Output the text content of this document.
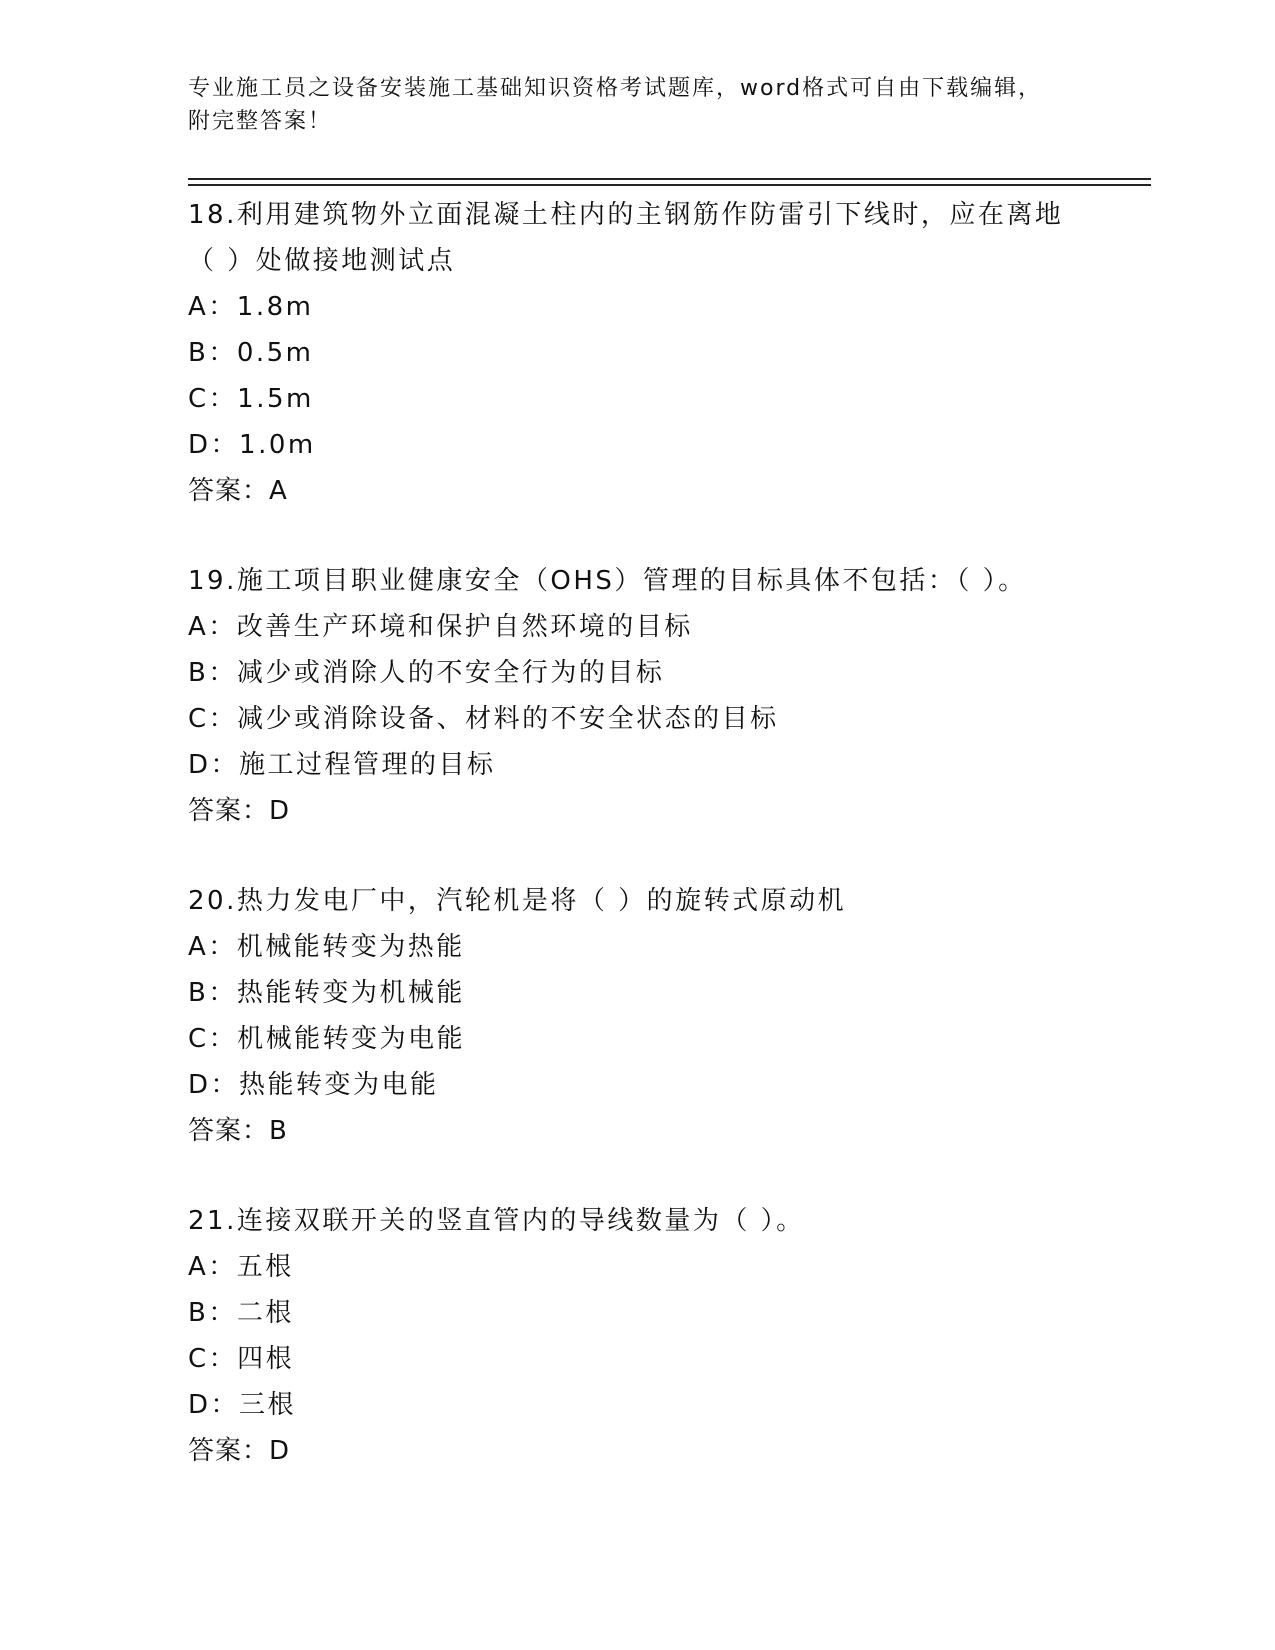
专业施工员之设备安装施工基础知识资格考试题库，word格式可自由下载编辑，
附完整答案！
18.利用建筑物外立面混凝土柱内的主钢筋作防雷引下线时，应在离地
（ ）处做接地测试点
A：1.8m
B：0.5m
C：1.5m
D：1.0m
答案：A
19.施工项目职业健康安全（OHS）管理的目标具体不包括：（ ）。
A：改善生产环境和保护自然环境的目标
B：减少或消除人的不安全行为的目标
C：减少或消除设备、材料的不安全状态的目标
D：施工过程管理的目标
答案：D
20.热力发电厂中，汽轮机是将（ ）的旋转式原动机
A：机械能转变为热能
B：热能转变为机械能
C：机械能转变为电能
D：热能转变为电能
答案：B
21.连接双联开关的竖直管内的导线数量为（ ）。
A：五根
B：二根
C：四根
D：三根
答案：D
